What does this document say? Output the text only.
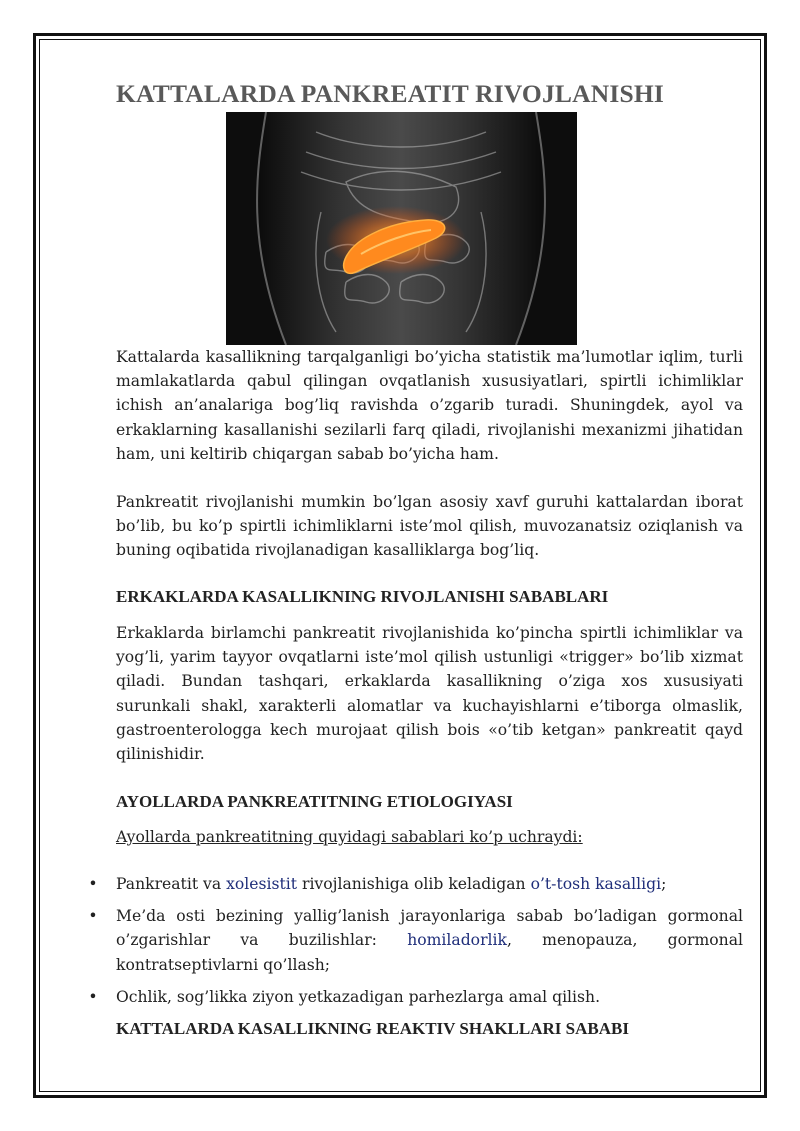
KATTALARDA PANKREATIT RIVOJLANISHI

Kattalarda kasallikning tarqalganligi bo’yicha statistik ma’lumotlar iqlim, turli mamlakatlarda qabul qilingan ovqatlanish xususiyatlari, spirtli ichimliklar ichish an’analariga bog’liq ravishda o’zgarib turadi. Shuningdek, ayol va erkaklarning kasallanishi sezilarli farq qiladi, rivojlanishi mexanizmi jihatidan ham, uni keltirib chiqargan sabab bo’yicha ham.

Pankreatit rivojlanishi mumkin bo’lgan asosiy xavf guruhi kattalardan iborat bo’lib, bu ko’p spirtli ichimliklarni iste’mol qilish, muvozanatsiz oziqlanish va buning oqibatida rivojlanadigan kasalliklarga bog’liq.

ERKAKLARDA KASALLIKNING RIVOJLANISHI SABABLARI

Erkaklarda birlamchi pankreatit rivojlanishida ko’pincha spirtli ichimliklar va yog’li, yarim tayyor ovqatlarni iste’mol qilish ustunligi «trigger» bo’lib xizmat qiladi. Bundan tashqari, erkaklarda kasallikning o’ziga xos xususiyati surunkali shakl, xarakterli alomatlar va kuchayishlarni e’tiborga olmaslik, gastroenterologga kech murojaat qilish bois «o’tib ketgan» pankreatit qayd qilinishidir.

AYOLLARDA PANKREATITNING ETIOLOGIYASI

Ayollarda pankreatitning quyidagi sabablari ko’p uchraydi:

• Pankreatit va xolesistit rivojlanishiga olib keladigan o’t-tosh kasalligi;
• Me’da osti bezining yallig’lanish jarayonlariga sabab bo’ladigan gormonal o’zgarishlar va buzilishlar: homiladorlik, menopauza, gormonal kontratseptivlarni qo’llash;
• Ochlik, sog’likka ziyon yetkazadigan parhezlarga amal qilish.
KATTALARDA KASALLIKNING REAKTIV SHAKLLARI SABABI
